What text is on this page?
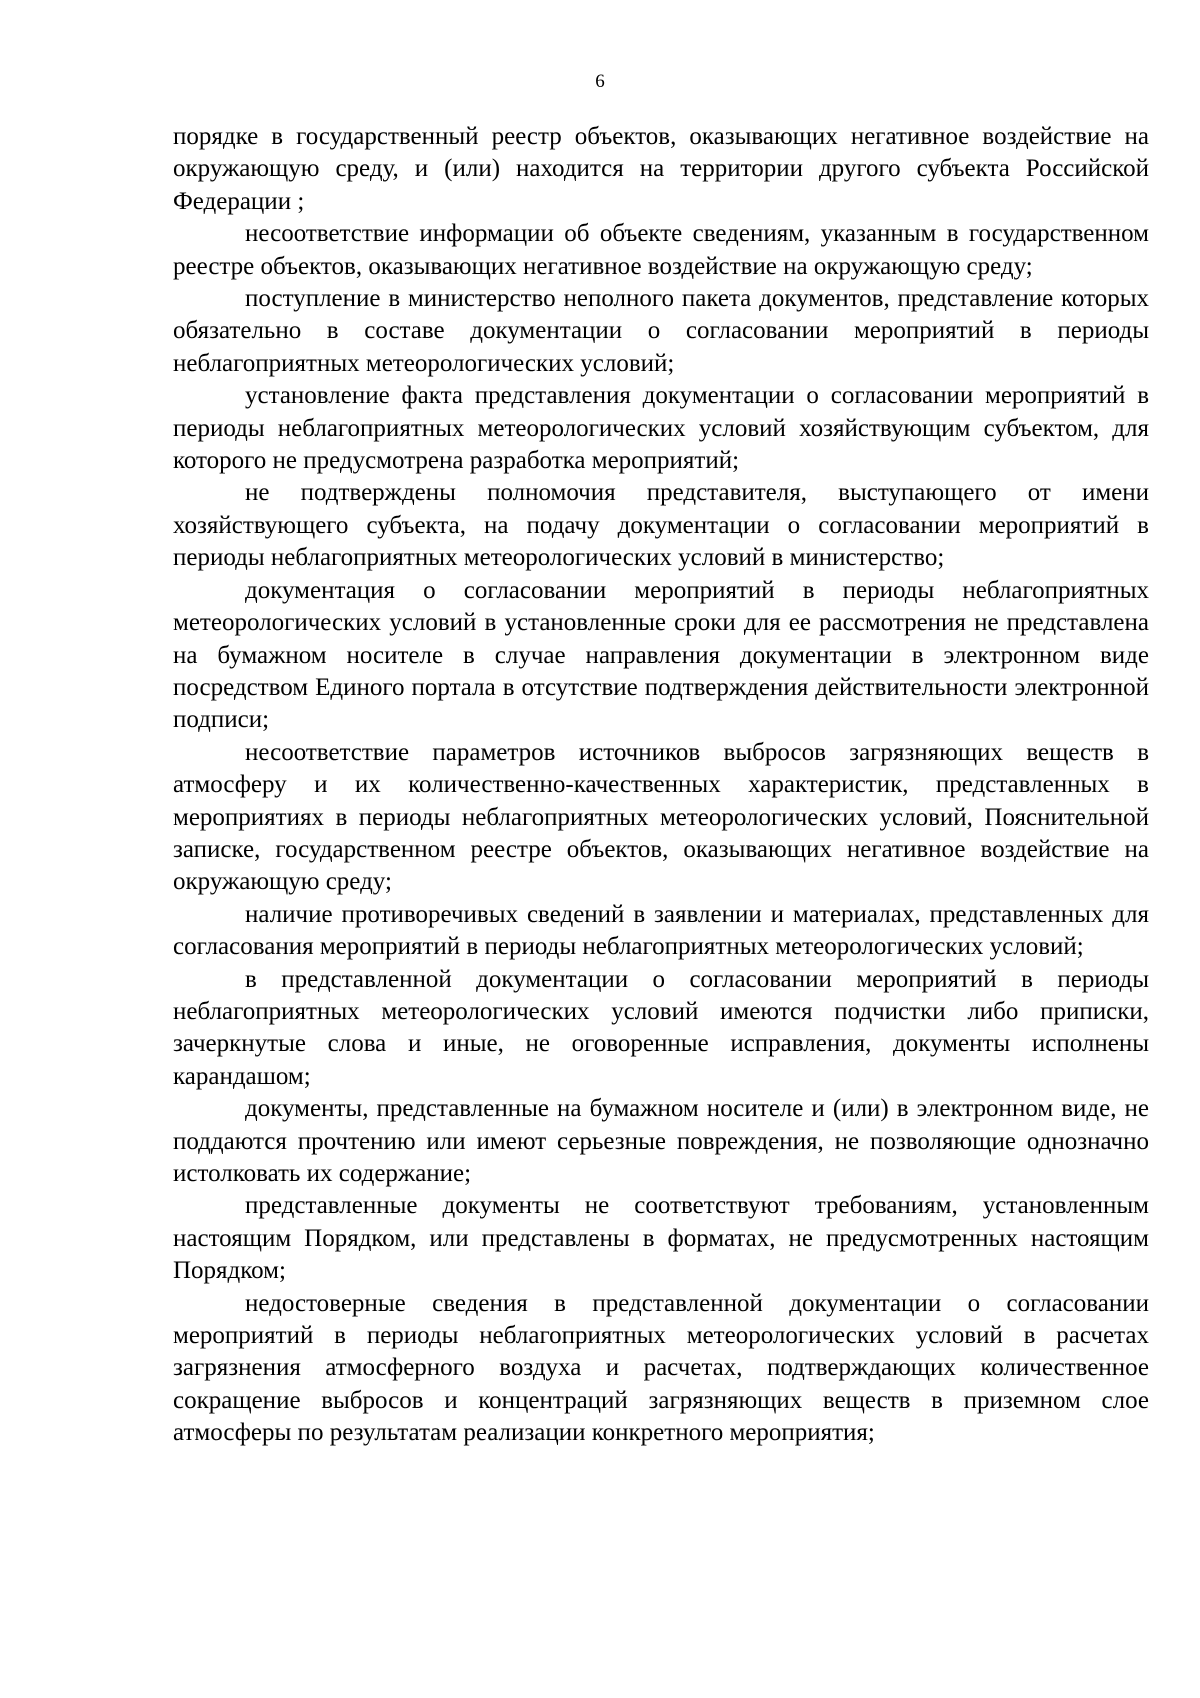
6

порядке в государственный реестр объектов, оказывающих негативное воздействие на окружающую среду, и (или) находится на территории другого субъекта Российской Федерации ;

несоответствие информации об объекте сведениям, указанным в государственном реестре объектов, оказывающих негативное воздействие на окружающую среду;

поступление в министерство неполного пакета документов, представление которых обязательно в составе документации о согласовании мероприятий в периоды неблагоприятных метеорологических условий;

установление факта представления документации о согласовании мероприятий в периоды неблагоприятных метеорологических условий хозяйствующим субъектом, для которого не предусмотрена разработка мероприятий;

не подтверждены полномочия представителя, выступающего от имени хозяйствующего субъекта, на подачу документации о согласовании мероприятий в периоды неблагоприятных метеорологических условий в министерство;

документация о согласовании мероприятий в периоды неблагоприятных метеорологических условий в установленные сроки для ее рассмотрения не представлена на бумажном носителе в случае направления документации в электронном виде посредством Единого портала в отсутствие подтверждения действительности электронной подписи;

несоответствие параметров источников выбросов загрязняющих веществ в атмосферу и их количественно-качественных характеристик, представленных в мероприятиях в периоды неблагоприятных метеорологических условий, Пояснительной записке, государственном реестре объектов, оказывающих негативное воздействие на окружающую среду;

наличие противоречивых сведений в заявлении и материалах, представленных для согласования мероприятий в периоды неблагоприятных метеорологических условий;

в представленной документации о согласовании мероприятий в периоды неблагоприятных метеорологических условий имеются подчистки либо приписки, зачеркнутые слова и иные, не оговоренные исправления, документы исполнены карандашом;

документы, представленные на бумажном носителе и (или) в электронном виде, не поддаются прочтению или имеют серьезные повреждения, не позволяющие однозначно истолковать их содержание;

представленные документы не соответствуют требованиям, установленным настоящим Порядком, или представлены в форматах, не предусмотренных настоящим Порядком;

недостоверные сведения в представленной документации о согласовании мероприятий в периоды неблагоприятных метеорологических условий в расчетах загрязнения атмосферного воздуха и расчетах, подтверждающих количественное сокращение выбросов и концентраций загрязняющих веществ в приземном слое атмосферы по результатам реализации конкретного мероприятия;
